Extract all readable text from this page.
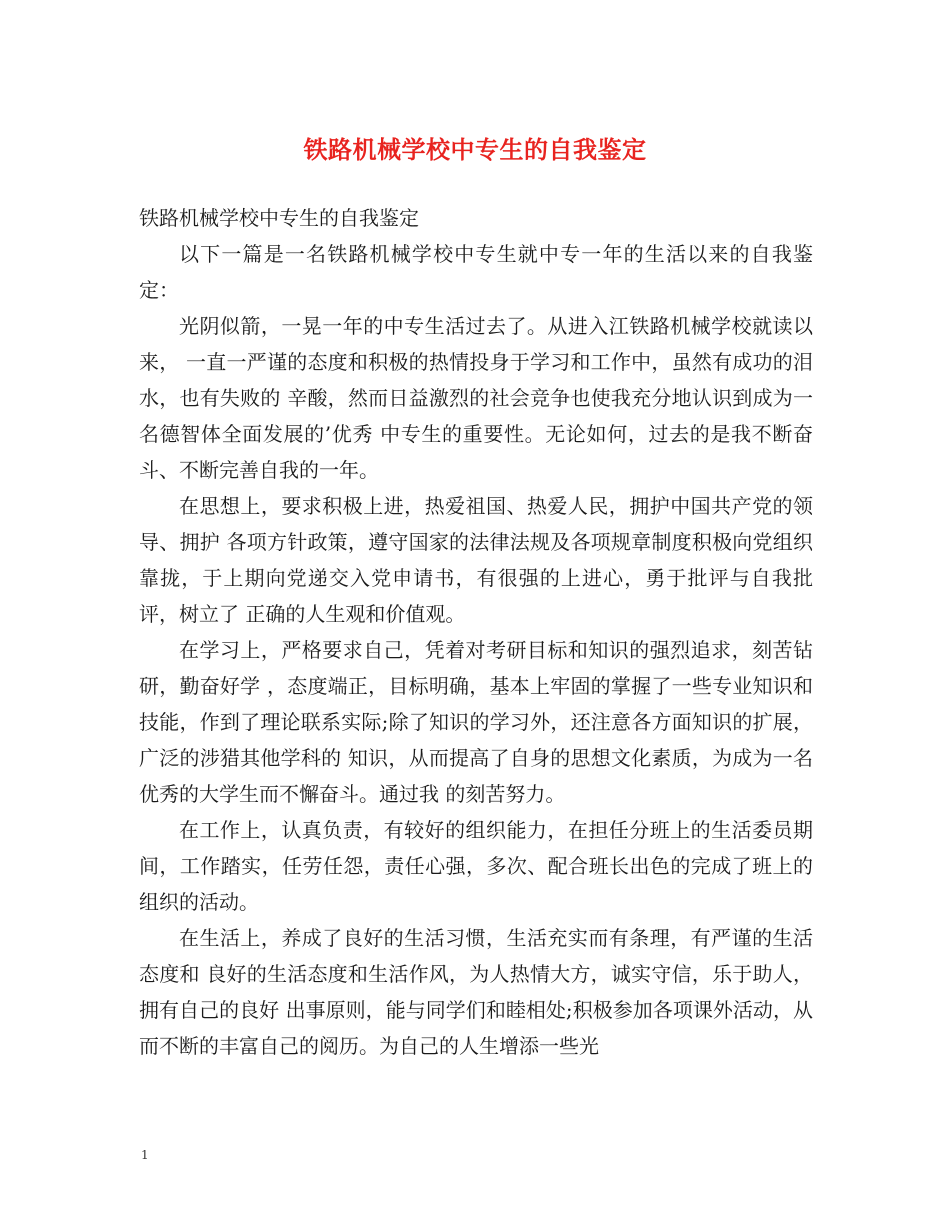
铁路机械学校中专生的自我鉴定

铁路机械学校中专生的自我鉴定

以下一篇是一名铁路机械学校中专生就中专一年的生活以来的自我鉴定：

光阴似箭，一晃一年的中专生活过去了。从进入江铁路机械学校就读以来， 一直一严谨的态度和积极的热情投身于学习和工作中，虽然有成功的泪水，也有失败的 辛酸，然而日益激烈的社会竞争也使我充分地认识到成为一名德智体全面发展的’优秀 中专生的重要性。无论如何，过去的是我不断奋斗、不断完善自我的一年。

在思想上，要求积极上进，热爱祖国、热爱人民，拥护中国共产党的领导、拥护 各项方针政策，遵守国家的法律法规及各项规章制度积极向党组织靠拢，于上期向党递交入党申请书，有很强的上进心，勇于批评与自我批评，树立了 正确的人生观和价值观。

在学习上，严格要求自己，凭着对考研目标和知识的强烈追求，刻苦钻研，勤奋好学 ，态度端正，目标明确，基本上牢固的掌握了一些专业知识和技能，作到了理论联系实际;除了知识的学习外，还注意各方面知识的扩展，广泛的涉猎其他学科的 知识，从而提高了自身的思想文化素质，为成为一名优秀的大学生而不懈奋斗。通过我 的刻苦努力。

在工作上，认真负责，有较好的组织能力，在担任分班上的生活委员期间，工作踏实，任劳任怨，责任心强，多次、配合班长出色的完成了班上的组织的活动。

在生活上，养成了良好的生活习惯，生活充实而有条理，有严谨的生活态度和 良好的生活态度和生活作风，为人热情大方，诚实守信，乐于助人，拥有自己的良好 出事原则，能与同学们和睦相处;积极参加各项课外活动，从而不断的丰富自己的阅历。为自己的人生增添一些光

1
